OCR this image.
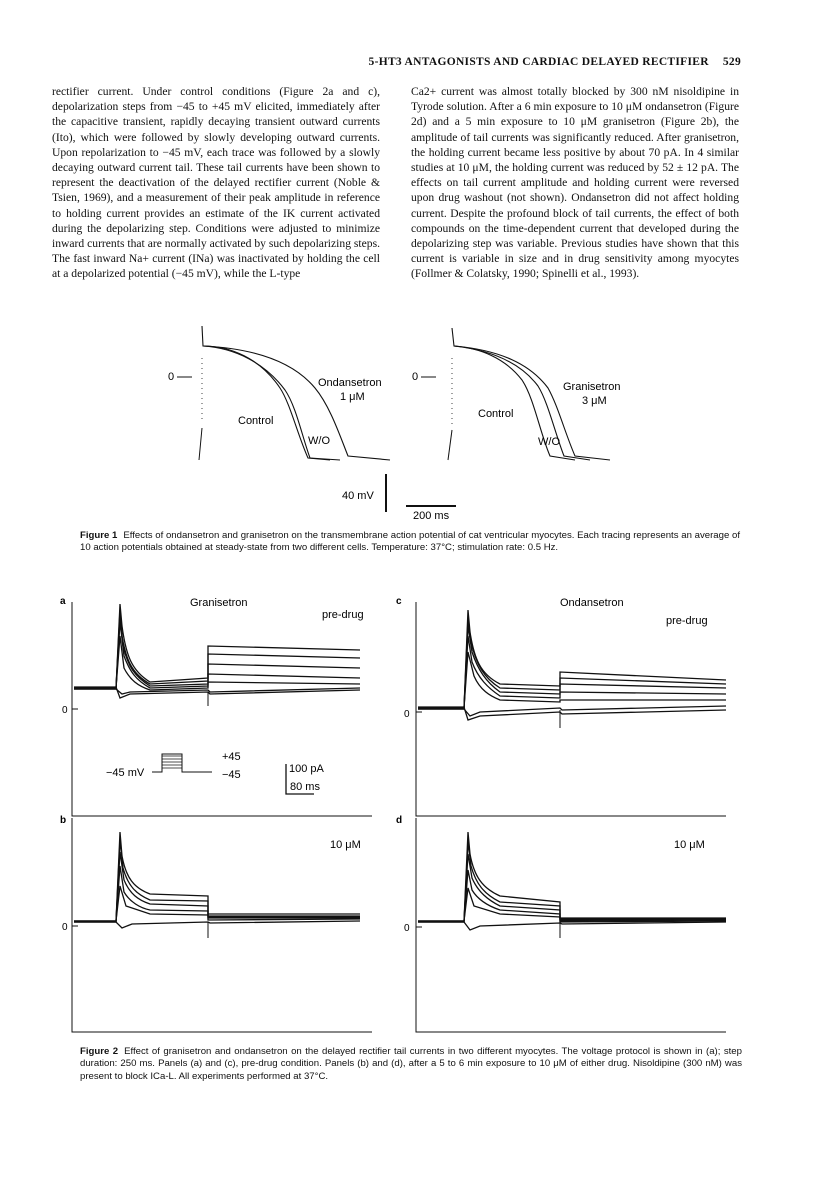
5-HT3 ANTAGONISTS AND CARDIAC DELAYED RECTIFIER 529
rectifier current. Under control conditions (Figure 2a and c), depolarization steps from −45 to +45 mV elicited, immediately after the capacitive transient, rapidly decaying transient outward currents (Ito), which were followed by slowly developing outward currents. Upon repolarization to −45 mV, each trace was followed by a slowly decaying outward current tail. These tail currents have been shown to represent the deactivation of the delayed rectifier current (Noble & Tsien, 1969), and a measurement of their peak amplitude in reference to holding current provides an estimate of the IK current activated during the depolarizing step. Conditions were adjusted to minimize inward currents that are normally activated by such depolarizing steps. The fast inward Na+ current (INa) was inactivated by holding the cell at a depolarized potential (−45 mV), while the L-type
Ca2+ current was almost totally blocked by 300 nM nisoldipine in Tyrode solution. After a 6 min exposure to 10 μM ondansetron (Figure 2d) and a 5 min exposure to 10 μM granisetron (Figure 2b), the amplitude of tail currents was significantly reduced. After granisetron, the holding current became less positive by about 70 pA. In 4 similar studies at 10 μM, the holding current was reduced by 52 ± 12 pA. The effects on tail current amplitude and holding current were reversed upon drug washout (not shown). Ondansetron did not affect holding current. Despite the profound block of tail currents, the effect of both compounds on the time-dependent current that developed during the depolarizing step was variable. Previous studies have shown that this current is variable in size and in drug sensitivity among myocytes (Follmer & Colatsky, 1990; Spinelli et al., 1993).
0	Ondansetron
1 μM
Control
W/O
0
Granisetron
3 μM
Control
W/O
40 mV
200 ms
Figure 1 Effects of ondansetron and granisetron on the transmembrane action potential of cat ventricular myocytes. Each tracing represents an average of 10 action potentials obtained at steady-state from two different cells. Temperature: 37°C; stimulation rate: 0.5 Hz.
a	Granisetron
pre-drug
0
−45 mV
+45
−45	100 pA
80 ms
b
10 μM
0
c	Ondansetron
pre-drug
0
d
10 μM
0
Figure 2 Effect of granisetron and ondansetron on the delayed rectifier tail currents in two different myocytes. The voltage protocol is shown in (a); step duration: 250 ms. Panels (a) and (c), pre-drug condition. Panels (b) and (d), after a 5 to 6 min exposure to 10 μM of either drug. Nisoldipine (300 nM) was present to block ICa-L. All experiments performed at 37°C.
